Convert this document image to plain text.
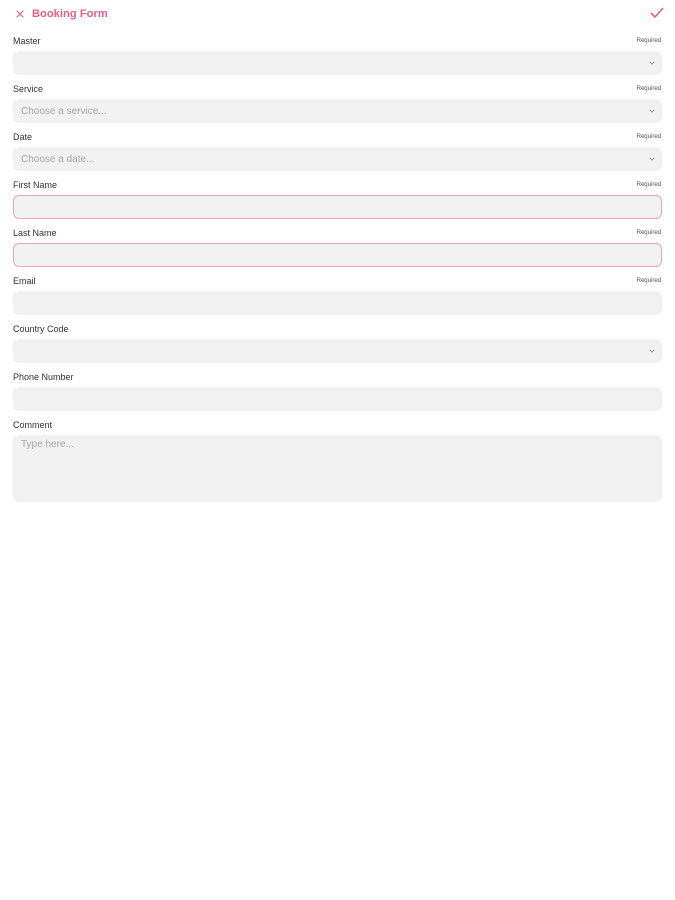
Booking Form
Master	Required
Service	Required
Choose a service...
Date	Required
Choose a date...
First Name	Required
Last Name	Required
Email	Required
Country Code
Phone Number
Comment
Type here...
